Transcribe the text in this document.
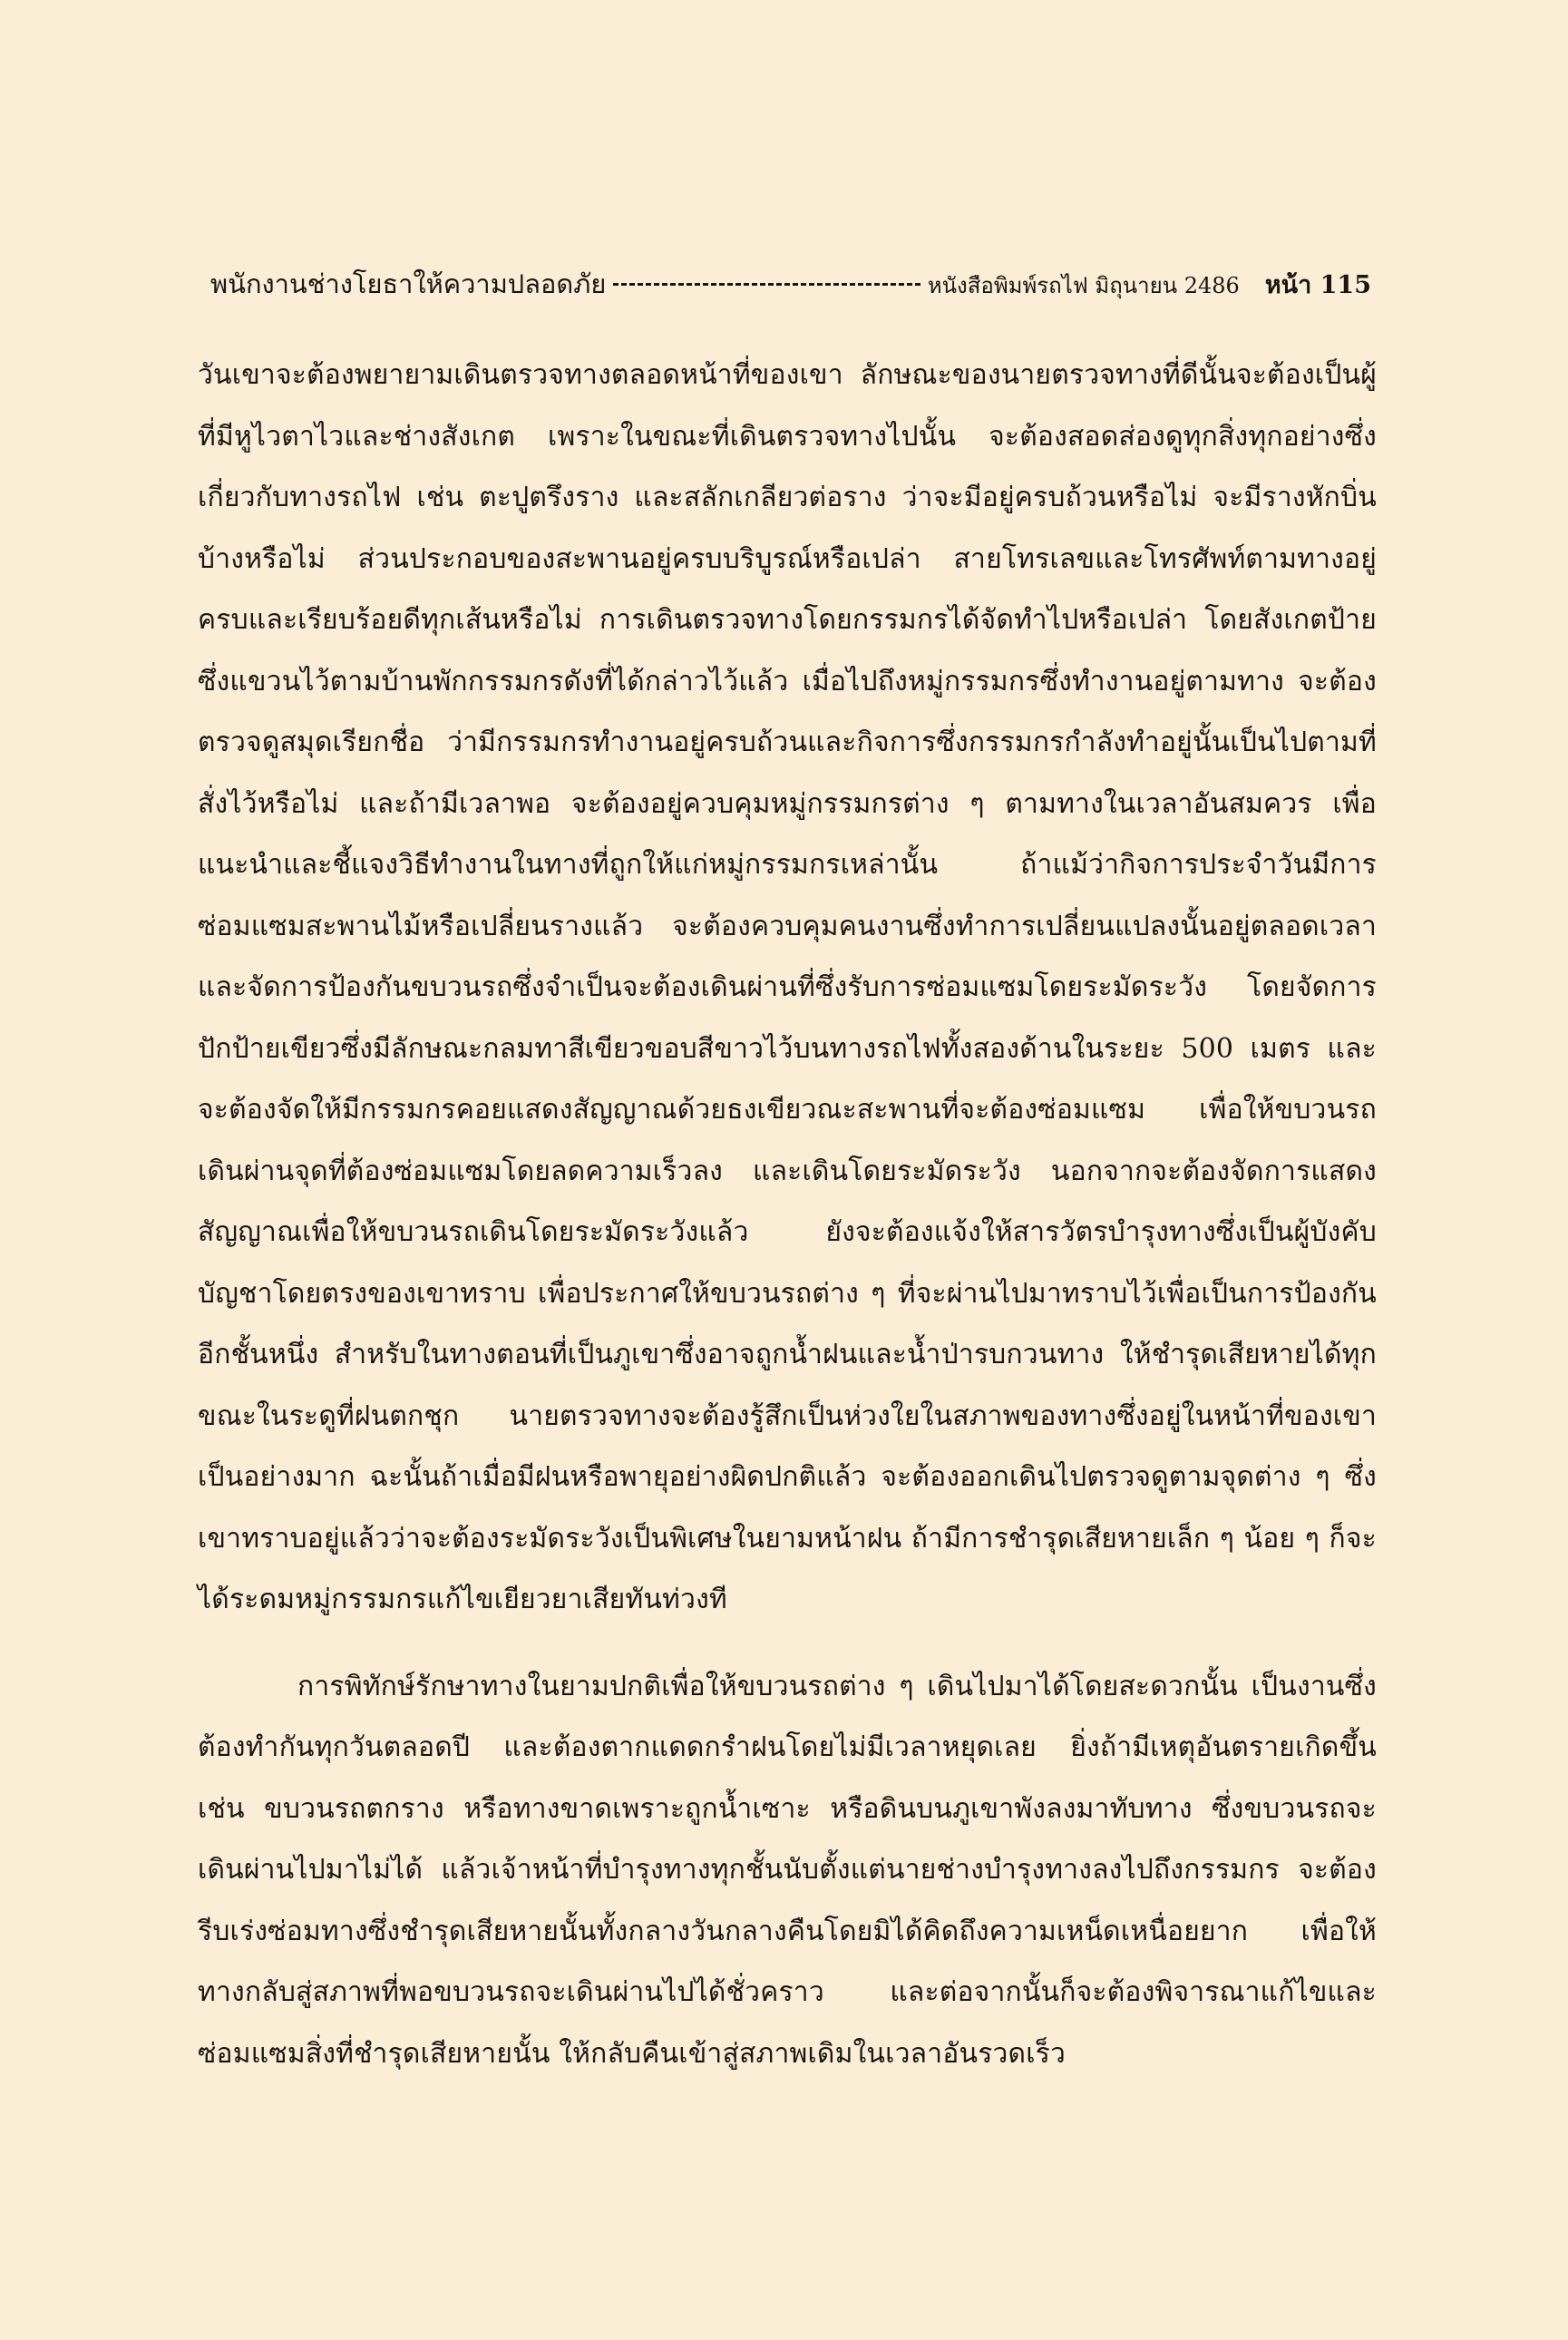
พนักงานช่างโยธาให้ความปลอดภัย	หนังสือพิมพ์รถไฟ มิถุนายน 2486 หน้า 115

วันเขาจะต้องพยายามเดินตรวจทางตลอดหน้าที่ของเขา ลักษณะของนายตรวจทางที่ดีนั้นจะต้องเป็นผู้ที่มีหูไวตาไวและช่างสังเกต เพราะในขณะที่เดินตรวจทางไปนั้น จะต้องสอดส่องดูทุกสิ่งทุกอย่างซึ่งเกี่ยวกับทางรถไฟ เช่น ตะปูตรึงราง และสลักเกลียวต่อราง ว่าจะมีอยู่ครบถ้วนหรือไม่ จะมีรางหักบิ่น บ้างหรือไม่ ส่วนประกอบของสะพานอยู่ครบบริบูรณ์หรือเปล่า สายโทรเลขและโทรศัพท์ตามทางอยู่ครบและเรียบร้อยดีทุกเส้นหรือไม่ การเดินตรวจทางโดยกรรมกรได้จัดทำไปหรือเปล่า โดยสังเกตป้ายซึ่งแขวนไว้ตามบ้านพักกรรมกรดังที่ได้กล่าวไว้แล้ว เมื่อไปถึงหมู่กรรมกรซึ่งทำงานอยู่ตามทาง จะต้องตรวจดูสมุดเรียกชื่อ ว่ามีกรรมกรทำงานอยู่ครบถ้วนและกิจการซึ่งกรรมกรกำลังทำอยู่นั้นเป็นไปตามที่สั่งไว้หรือไม่ และถ้ามีเวลาพอ จะต้องอยู่ควบคุมหมู่กรรมกรต่าง ๆ ตามทางในเวลาอันสมควร เพื่อแนะนำและชี้แจงวิธีทำงานในทางที่ถูกให้แก่หมู่กรรมกรเหล่านั้น ถ้าแม้ว่ากิจการประจำวันมีการซ่อมแซมสะพานไม้หรือเปลี่ยนรางแล้ว จะต้องควบคุมคนงานซึ่งทำการเปลี่ยนแปลงนั้นอยู่ตลอดเวลา และจัดการป้องกันขบวนรถซึ่งจำเป็นจะต้องเดินผ่านที่ซึ่งรับการซ่อมแซมโดยระมัดระวัง โดยจัดการปักป้ายเขียวซึ่งมีลักษณะกลมทาสีเขียวขอบสีขาวไว้บนทางรถไฟทั้งสองด้านในระยะ 500 เมตร และจะต้องจัดให้มีกรรมกรคอยแสดงสัญญาณด้วยธงเขียวณะสะพานที่จะต้องซ่อมแซม เพื่อให้ขบวนรถเดินผ่านจุดที่ต้องซ่อมแซมโดยลดความเร็วลง และเดินโดยระมัดระวัง นอกจากจะต้องจัดการแสดงสัญญาณเพื่อให้ขบวนรถเดินโดยระมัดระวังแล้ว ยังจะต้องแจ้งให้สารวัตรบำรุงทางซึ่งเป็นผู้บังคับบัญชาโดยตรงของเขาทราบ เพื่อประกาศให้ขบวนรถต่าง ๆ ที่จะผ่านไปมาทราบไว้เพื่อเป็นการป้องกันอีกชั้นหนึ่ง สำหรับในทางตอนที่เป็นภูเขาซึ่งอาจถูกน้ำฝนและน้ำป่ารบกวนทาง ให้ชำรุดเสียหายได้ทุกขณะในระดูที่ฝนตกชุก นายตรวจทางจะต้องรู้สึกเป็นห่วงใยในสภาพของทางซึ่งอยู่ในหน้าที่ของเขาเป็นอย่างมาก ฉะนั้นถ้าเมื่อมีฝนหรือพายุอย่างผิดปกติแล้ว จะต้องออกเดินไปตรวจดูตามจุดต่าง ๆ ซึ่งเขาทราบอยู่แล้วว่าจะต้องระมัดระวังเป็นพิเศษในยามหน้าฝน ถ้ามีการชำรุดเสียหายเล็ก ๆ น้อย ๆ ก็จะได้ระดมหมู่กรรมกรแก้ไขเยียวยาเสียทันท่วงที

การพิทักษ์รักษาทางในยามปกติเพื่อให้ขบวนรถต่าง ๆ เดินไปมาได้โดยสะดวกนั้น เป็นงานซึ่งต้องทำกันทุกวันตลอดปี และต้องตากแดดกรำฝนโดยไม่มีเวลาหยุดเลย ยิ่งถ้ามีเหตุอันตรายเกิดขึ้น เช่น ขบวนรถตกราง หรือทางขาดเพราะถูกน้ำเซาะ หรือดินบนภูเขาพังลงมาทับทาง ซึ่งขบวนรถจะเดินผ่านไปมาไม่ได้ แล้วเจ้าหน้าที่บำรุงทางทุกชั้นนับตั้งแต่นายช่างบำรุงทางลงไปถึงกรรมกร จะต้องรีบเร่งซ่อมทางซึ่งชำรุดเสียหายนั้นทั้งกลางวันกลางคืนโดยมิได้คิดถึงความเหน็ดเหนื่อยยาก เพื่อให้ทางกลับสู่สภาพที่พอขบวนรถจะเดินผ่านไปได้ชั่วคราว และต่อจากนั้นก็จะต้องพิจารณาแก้ไขและซ่อมแซมสิ่งที่ชำรุดเสียหายนั้น ให้กลับคืนเข้าสู่สภาพเดิมในเวลาอันรวดเร็ว
